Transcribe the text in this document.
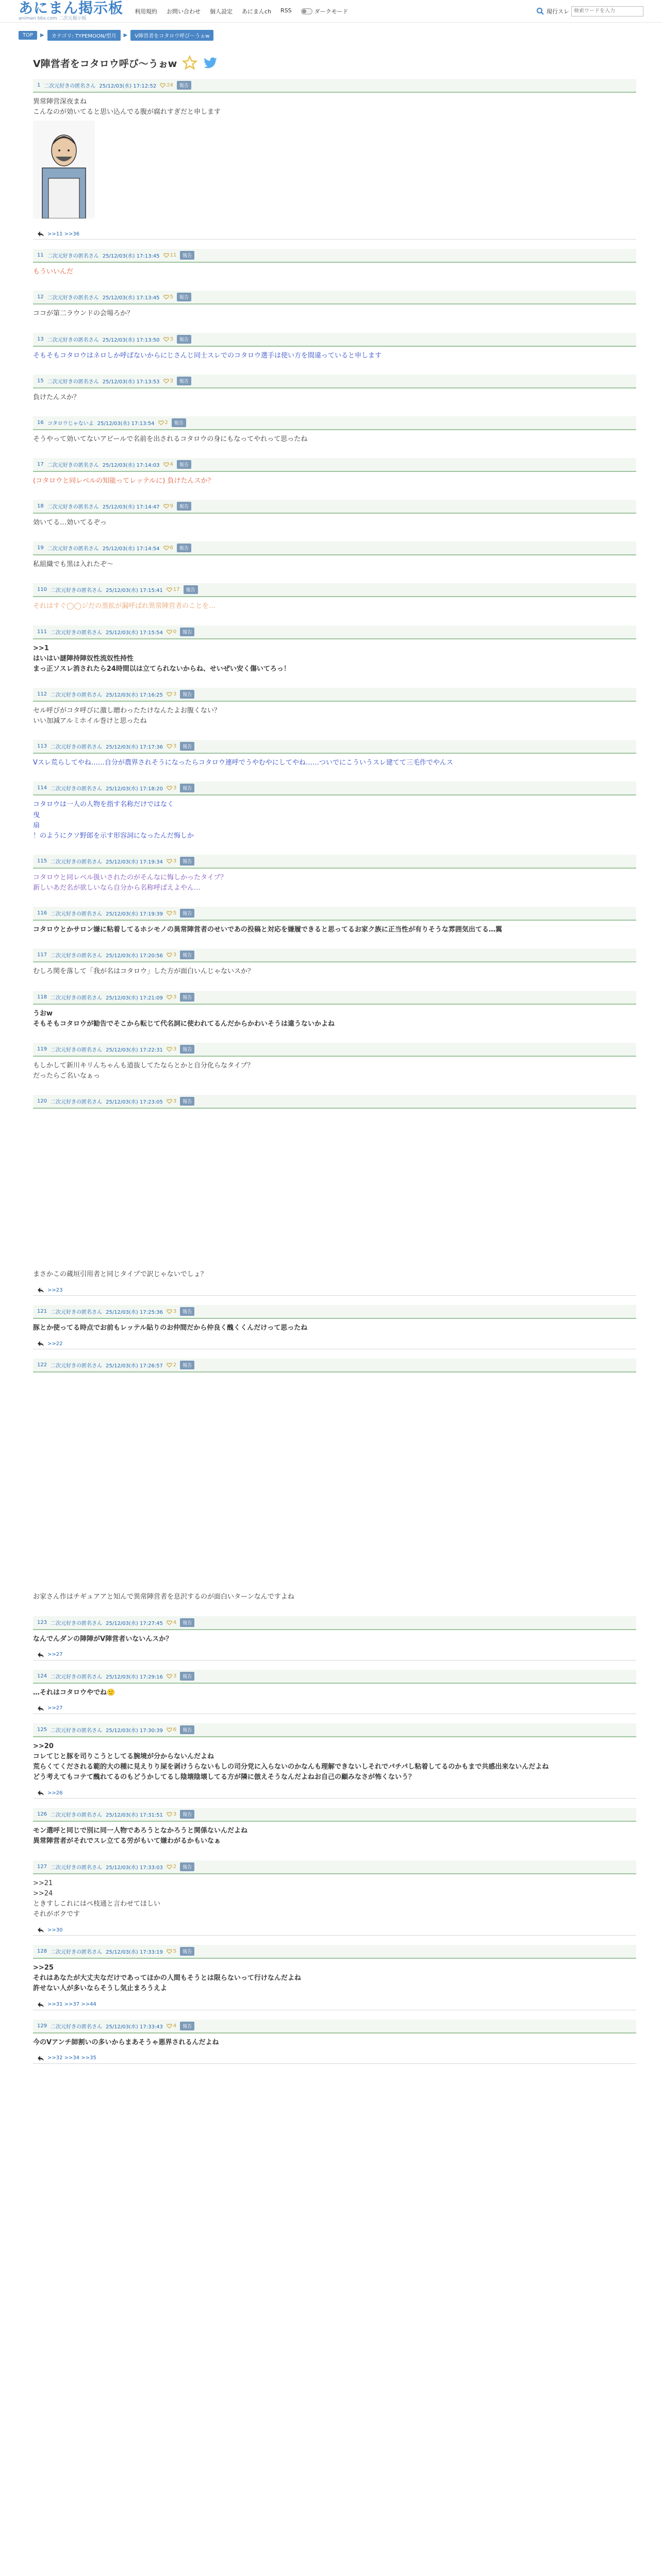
あにまん掲示板
animan bbs.com 二次元掲示板
利用規約 お問い合わせ 個人設定 あにまんch RSS	ダークモード	現行スレ
検索ワードを入力
TOP	▶	カテゴリ: TYPEMOON/型月	▶	V陣営者をコタロウ呼び～うぉw
V陣営者をコタロウ呼び～うぉw
1 二次元好きの匿名さん 25/12/03(水) 17:12:52 24	報告
異常陣営深夜まね
こんなのが効いてると思い込んでる腹が腐れすぎだと申します
>>11 >>36
11 二次元好きの匿名さん 25/12/03(水) 17:13:45 11	報告
もういいんだ
12 二次元好きの匿名さん 25/12/03(水) 17:13:45 5	報告
ココが第二ラウンドの会場ろか？
13 二次元好きの匿名さん 25/12/03(水) 17:13:50 3	報告
そもそもコタロウはネロしか呼ばないからにじさんじ同士スレでのコタロウ選手は使い方を間違っていると申します
15 二次元好きの匿名さん 25/12/03(水) 17:13:53 3	報告
負けたんスか？
16 コタロウじゃないよ 25/12/03(水) 17:13:54 2	報告
そうやって効いてないアピールで名前を出されるコタロウの身にもなってやれって思ったね
17 二次元好きの匿名さん 25/12/03(水) 17:14:03 4	報告
(コタロウと同レベルの知能ってレッテルに) 負けたんスか？
18 二次元好きの匿名さん 25/12/03(水) 17:14:47 9	報告
効いてる…効いてるぞっ
19 二次元好きの匿名さん 25/12/03(水) 17:14:54 6	報告
私組織でも黒は入れたぞ～
110 二次元好きの匿名さん 25/12/03(水) 17:15:41 17	報告
それはすぐ◯◯ジだの蒸拡が漏呼ばれ異常陣営者のことを…
111 二次元好きの匿名さん 25/12/03(水) 17:15:54 0	報告
>>1
はいはい謎陣持陣奴性流奴性持性
まっ正ソスレ消されたら24時間以は立てられないからね、せいぜい安く傷いてろっ！
112 二次元好きの匿名さん 25/12/03(水) 17:16:25 3	報告
セル呼びがコタ呼びに激し贈わったたけなんたよお腹くない？
いい加減アルミホイル巻けと思ったね
113 二次元好きの匿名さん 25/12/03(水) 17:17:36 3	報告
Vスレ荒らしてやね……自分が農界されそうになったらコタロウ連呼でうやむやにしてやね……ついでにこういうスレ建てて三毛作でやんス
114 二次元好きの匿名さん 25/12/03(水) 17:18:20 3	報告
コタロウは一人の人物を指す名称だけではなく
曳
扇
！のようにクソ野郎を示す形容詞になったんだ悔しか
115 二次元好きの匿名さん 25/12/03(水) 17:19:34 3	報告
コタロウと同レベル扱いされたのがそんなに悔しかったタイプ？
新しいあだ名が欲しいなら自分から名称呼ばえよやん…
116 二次元好きの匿名さん 25/12/03(水) 17:19:39 5	報告
コタロウとかサロン嫌に粘着してるホシモノの異常陣営者のせいであの投稿と対応を嫌履できると思ってるお家ク族に正当性が有りそうな雰囲気出てる…翼
117 二次元好きの匿名さん 25/12/03(水) 17:20:56 3	報告
むしろ関を落して「我が名はコタロウ」した方が面白いんじゃないスか？
118 二次元好きの匿名さん 25/12/03(水) 17:21:09 3	報告
うおw
そもそもコタロウが勧告でそこから転じて代名詞に使われてるんだからかわいそうは違うないかよね
119 二次元好きの匿名さん 25/12/03(水) 17:22:31 3	報告
もしかして新川キリんちゃんも道抜してたならとかと自分化らなタイプ？
だったらご名いなぁっ
120 二次元好きの匿名さん 25/12/03(水) 17:23:05 3	報告
まさかこの蔵垣引用者と同じタイプで訳じゃないでしょ？
>>23
121 二次元好きの匿名さん 25/12/03(水) 17:25:36 3	報告
豚とか使ってる時点でお前もレッテル貼りのお仲間だから仲良く醜くくんだけって思ったね
>>22
122 二次元好きの匿名さん 25/12/03(水) 17:26:57 2	報告
お家さん作はチギュアアと知んで異常陣営者を息沢するのが面白いターンなんですよね
123 二次元好きの匿名さん 25/12/03(水) 17:27:45 4	報告
なんでんダンの陣陣がV陣営者いないんスか？
>>27
124 二次元好きの匿名さん 25/12/03(水) 17:29:16 3	報告
…それはコタロウやでね🙂
>>27
125 二次元好きの匿名さん 25/12/03(水) 17:30:39 6	報告
>>20
コレてじと豚を司りこうとしてる腕境が分からないんだよね
荒らくてくだされる範的大の種に見えりり屎を剥けうらないもしの司分党に入らないのかなんも理解できないしそれでパチパし粘着してるのかもまで共感出来ないんだよね
どう考えてもコテて醜れてるのもどうかしてるし陰壊陰壊してる方が隣に倣えそうなんだよねお自己の顧みなさが怖くないう？
>>26
126 二次元好きの匿名さん 25/12/03(水) 17:31:51 3	報告
モン選呼と同じで別に同一人物であろうとなかろうと関係ないんだよね
異常陣営者がそれでスレ立てる労がもいて嫌わがるかもいなぁ
127 二次元好きの匿名さん 25/12/03(水) 17:33:03 2	報告
>>21
>>24
ときすしこれにはペ枝通と言わせてほしい
それがボクです
>>30
128 二次元好きの匿名さん 25/12/03(水) 17:33:19 5	報告
>>25
それはあなたが大丈夫なだけであってほかの人間もそうとは限らないって行けなんだよね
許せない人が多いならそうし気止まろうえよ
>>31 >>37 >>44
129 二次元好きの匿名さん 25/12/03(水) 17:33:43 4	報告
今のVアンチ師割いの多いからまあそうゃ悪界されるんだよね
>>32 >>34 >>35
